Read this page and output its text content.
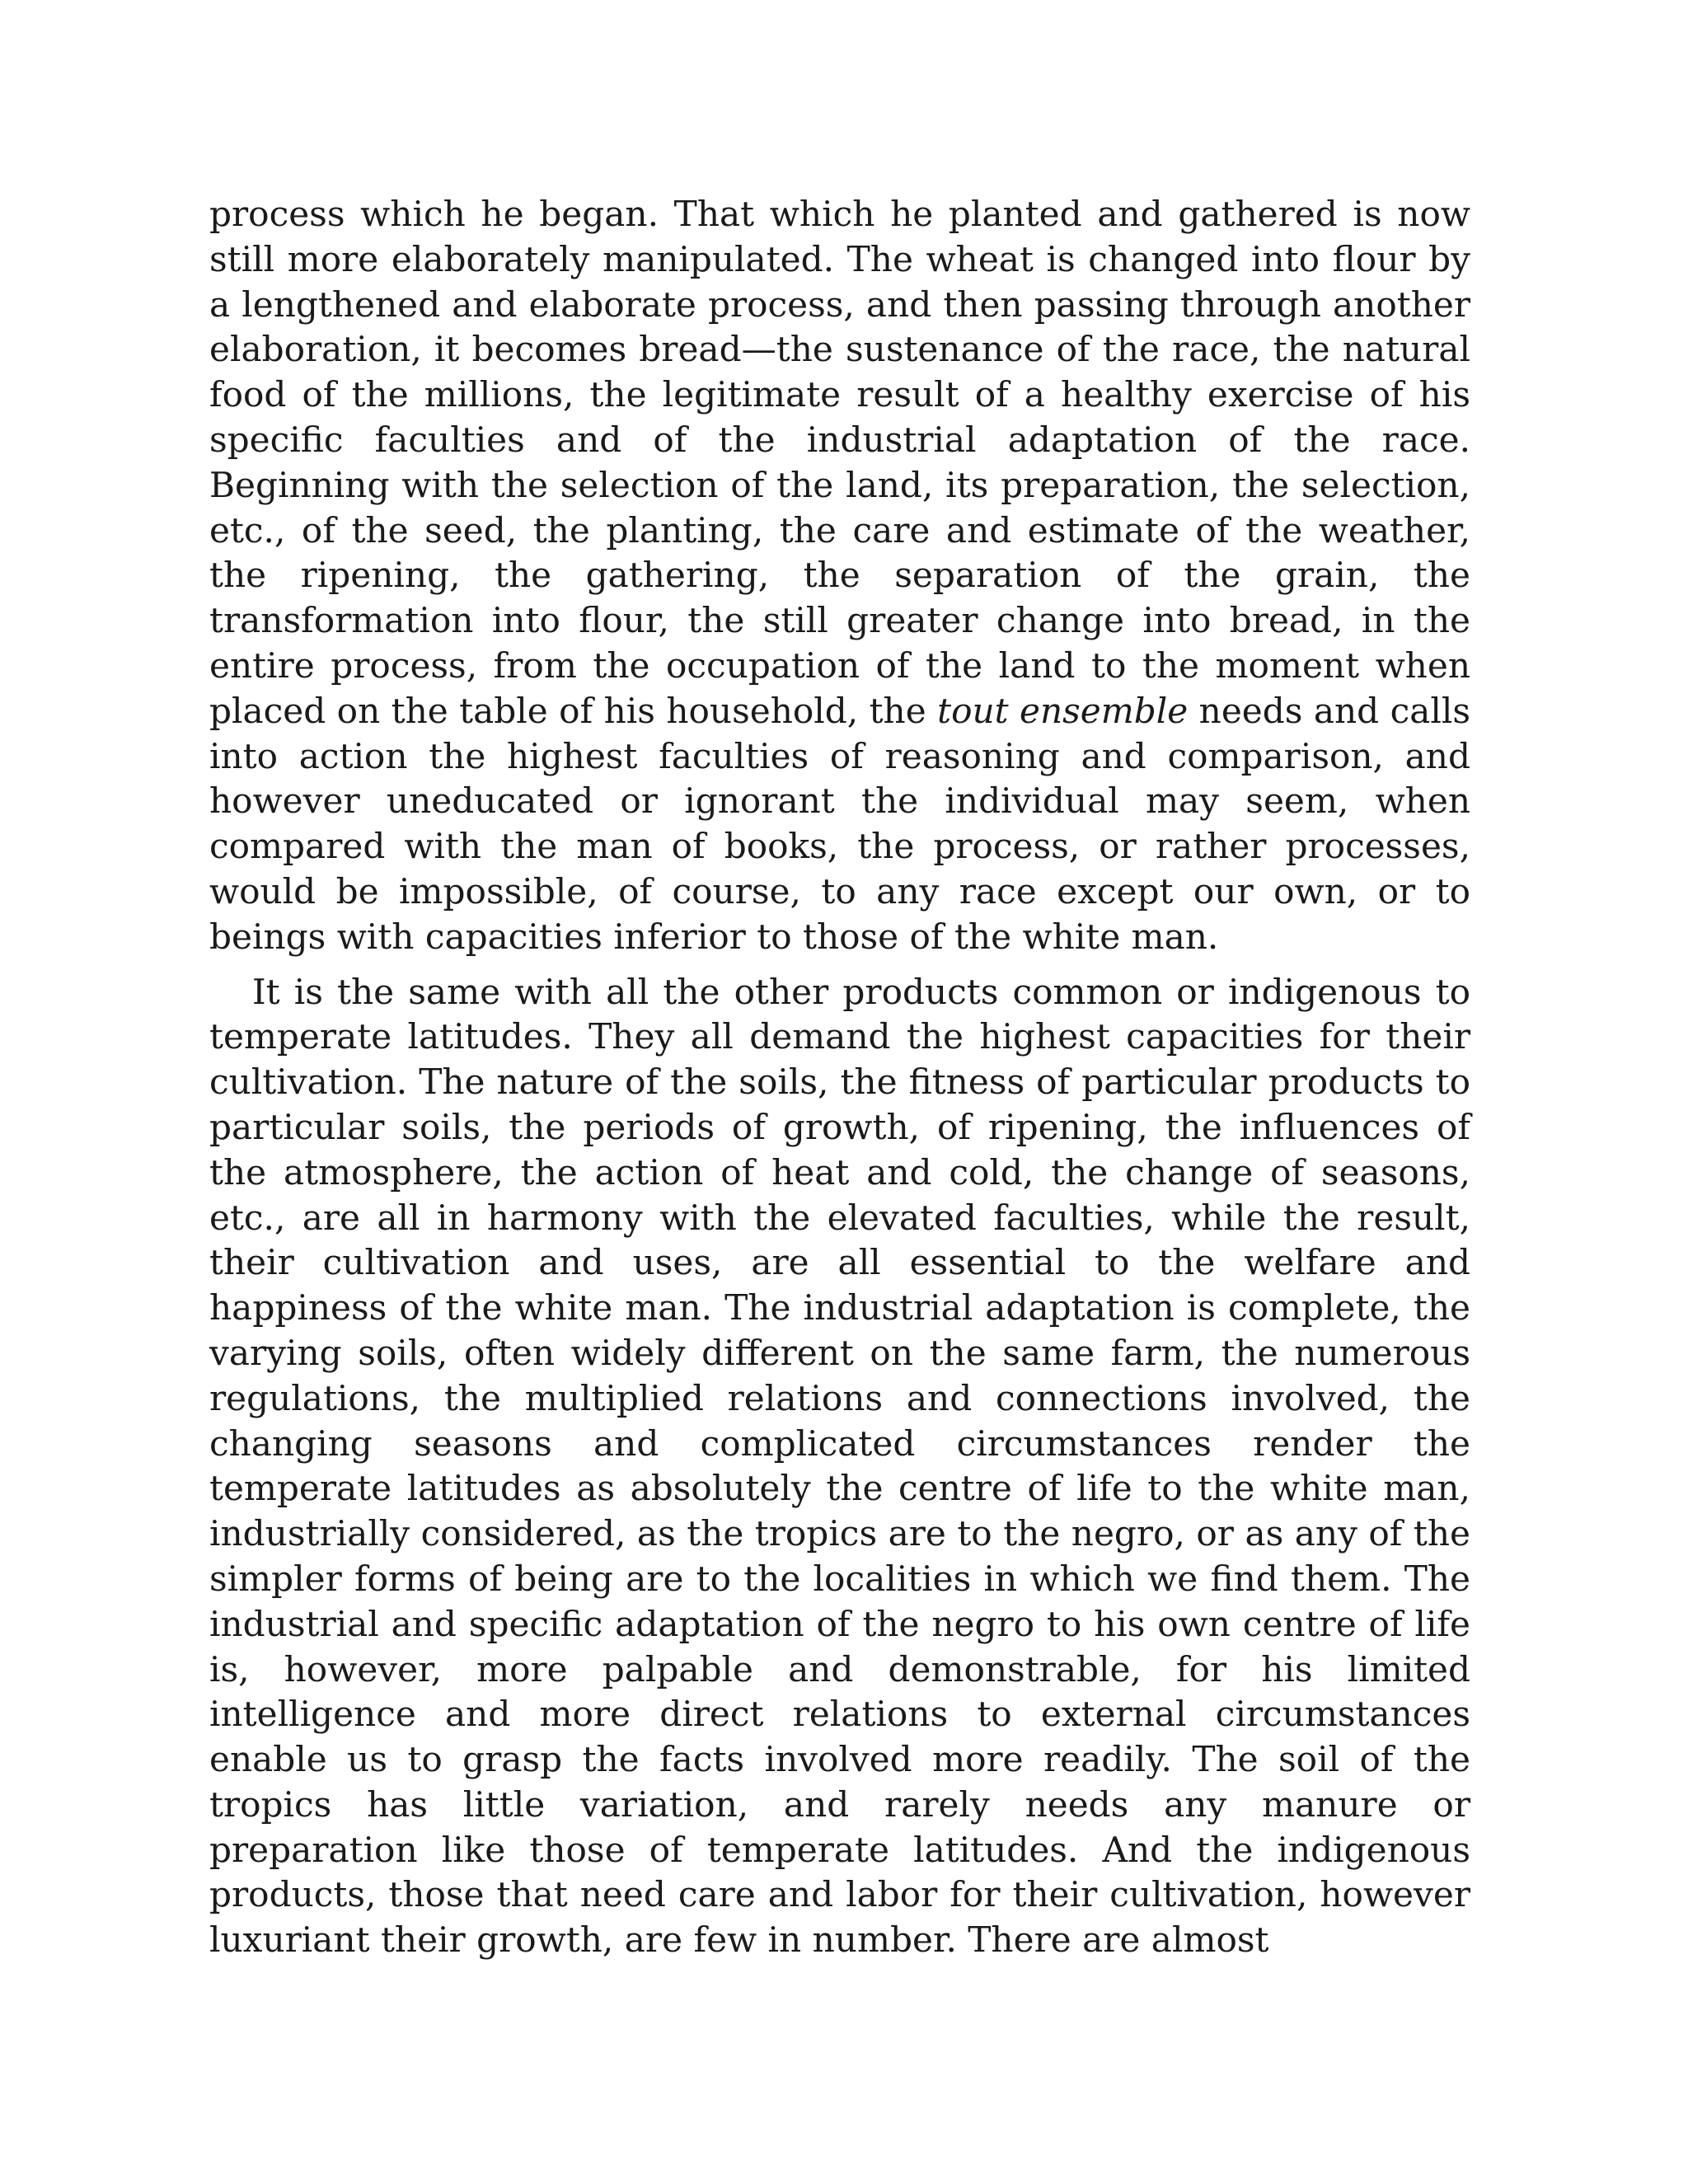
process which he began. That which he planted and gathered is now still more elaborately manipulated. The wheat is changed into flour by a lengthened and elaborate process, and then passing through another elaboration, it becomes bread—the sustenance of the race, the natural food of the millions, the legitimate result of a healthy exercise of his specific faculties and of the industrial adaptation of the race. Beginning with the selection of the land, its preparation, the selection, etc., of the seed, the planting, the care and estimate of the weather, the ripening, the gathering, the separation of the grain, the transformation into flour, the still greater change into bread, in the entire process, from the occupation of the land to the moment when placed on the table of his household, the tout ensemble needs and calls into action the highest faculties of reasoning and comparison, and however uneducated or ignorant the individual may seem, when compared with the man of books, the process, or rather processes, would be impossible, of course, to any race except our own, or to beings with capacities inferior to those of the white man.

It is the same with all the other products common or indigenous to temperate latitudes. They all demand the highest capacities for their cultivation. The nature of the soils, the fitness of particular products to particular soils, the periods of growth, of ripening, the influences of the atmosphere, the action of heat and cold, the change of seasons, etc., are all in harmony with the elevated faculties, while the result, their cultivation and uses, are all essential to the welfare and happiness of the white man. The industrial adaptation is complete, the varying soils, often widely different on the same farm, the numerous regulations, the multiplied relations and connections involved, the changing seasons and complicated circumstances render the temperate latitudes as absolutely the centre of life to the white man, industrially considered, as the tropics are to the negro, or as any of the simpler forms of being are to the localities in which we find them. The industrial and specific adaptation of the negro to his own centre of life is, however, more palpable and demonstrable, for his limited intelligence and more direct relations to external circumstances enable us to grasp the facts involved more readily. The soil of the tropics has little variation, and rarely needs any manure or preparation like those of temperate latitudes. And the indigenous products, those that need care and labor for their cultivation, however luxuriant their growth, are few in number. There are almost
